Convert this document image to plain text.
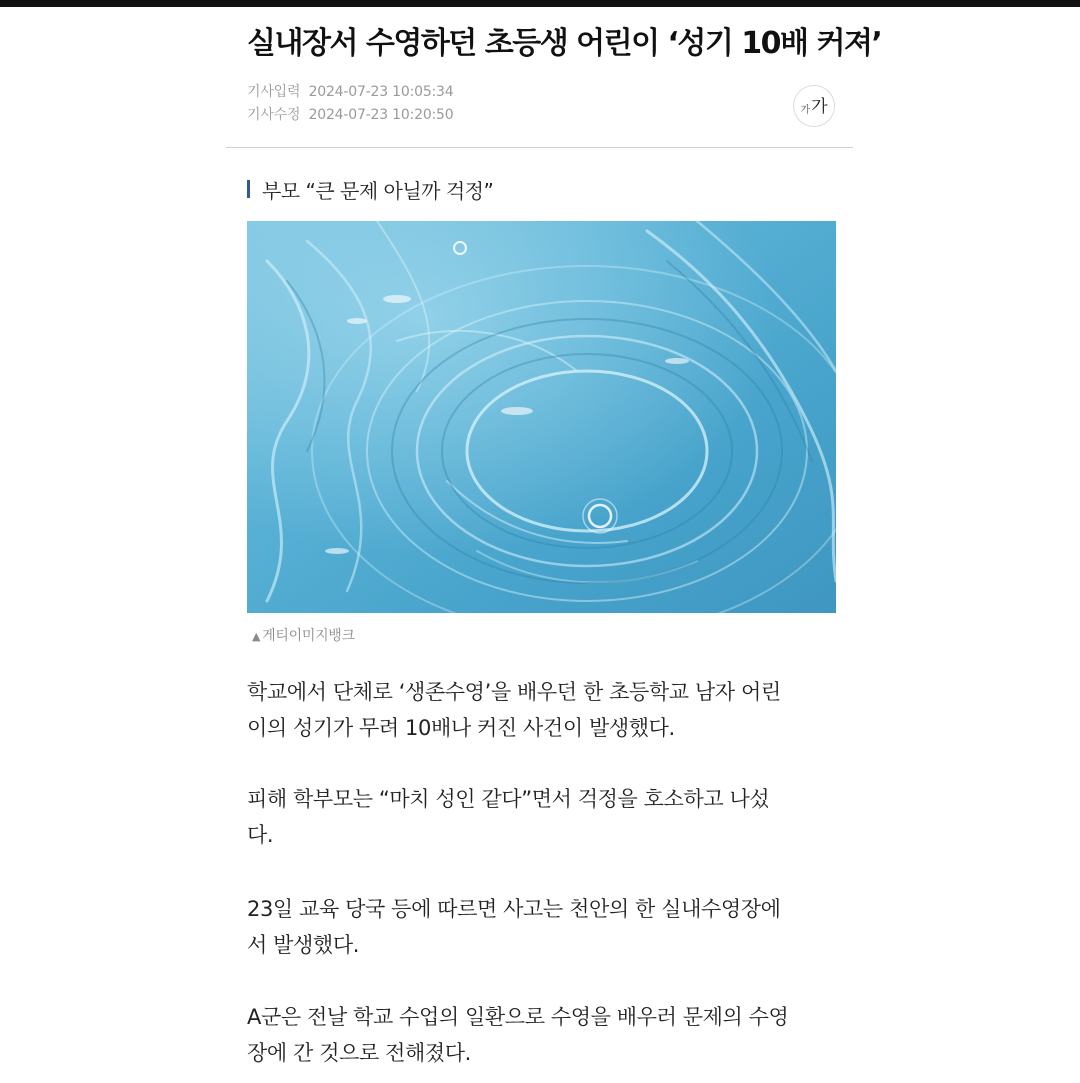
실내장서 수영하던 초등생 어린이 ‘성기 10배 커져’
기사입력 2024-07-23 10:05:34
기사수정 2024-07-23 10:20:50	가 가
부모 “큰 문제 아닐까 걱정”
▲ 게티이미지뱅크
학교에서 단체로 ‘생존수영’을 배우던 한 초등학교 남자 어린
이의 성기가 무려 10배나 커진 사건이 발생했다.
피해 학부모는 “마치 성인 같다”면서 걱정을 호소하고 나섰
다.
23일 교육 당국 등에 따르면 사고는 천안의 한 실내수영장에
서 발생했다.
A군은 전날 학교 수업의 일환으로 수영을 배우러 문제의 수영
장에 간 것으로 전해졌다.
